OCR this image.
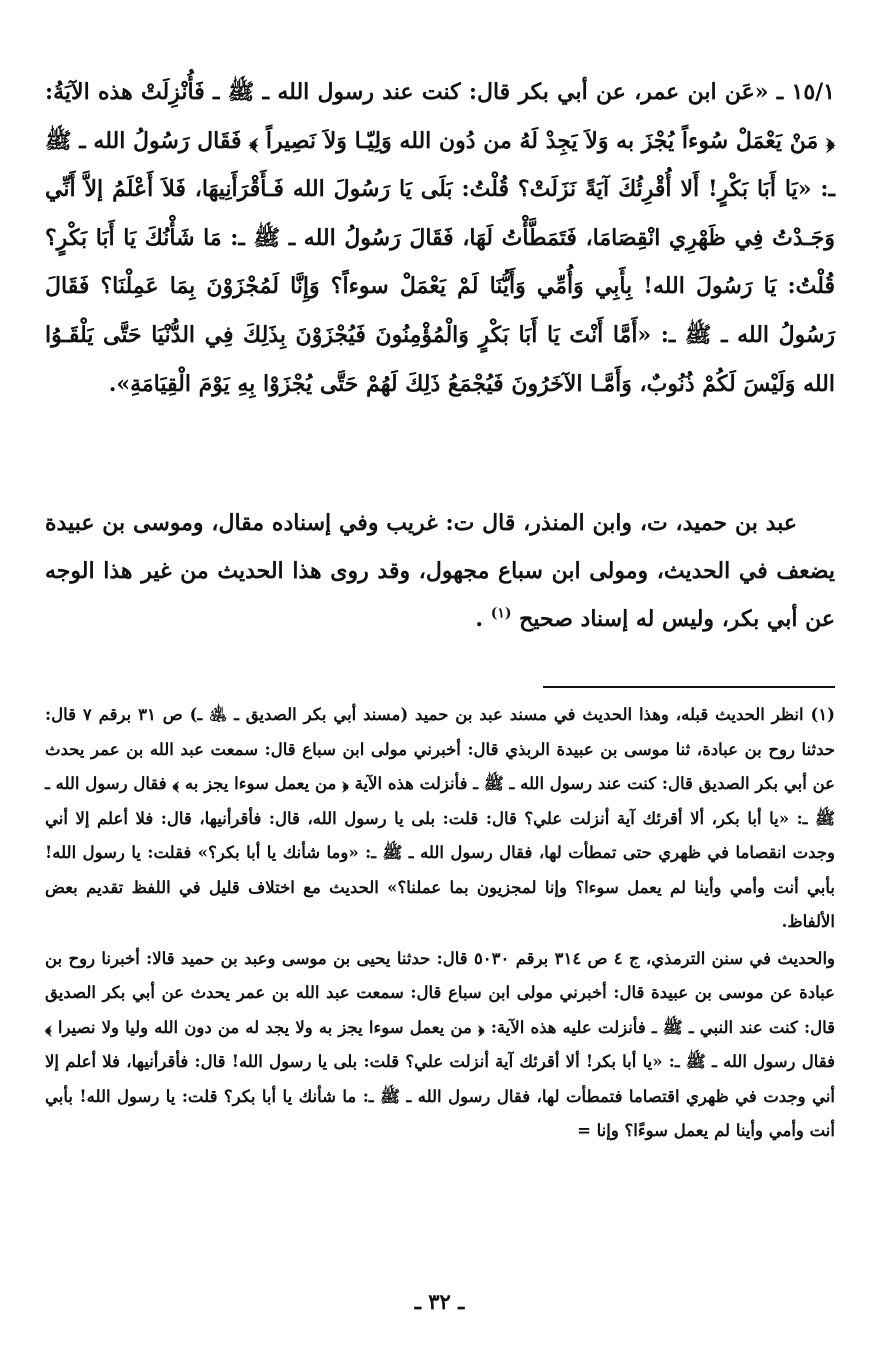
١٥/١ ـ «عَن ابن عمر، عن أبي بكر قال: كنت عند رسول الله ـ ﷺ ـ فَأُنْزِلَتْ هذه الآيَةُ: ﴿ مَنْ يَعْمَلْ سُوءاً يُجْزَ به وَلاَ يَجِدْ لَهُ من دُون الله وَلِيّـا وَلاَ نَصِيراً ﴾ فَقَال رَسُولُ الله ـ ﷺ ـ: «يَا أَبَا بَكْرٍ! أَلا أُقْرِئُكَ آيَةً نَزَلَتْ؟ قُلْتُ: بَلَى يَا رَسُولَ الله فَـأَقْرَأَنِيهَا، فَلاَ أَعْلَمُ إلاَّ أَنِّي وَجَـدْتُ فِي ظَهْرِي انْقِصَامَا، فَتَمَطَّأْتُ لَهَا، فَقَالَ رَسُولُ الله ـ ﷺ ـ: مَا شَأْنُكَ يَا أَبَا بَكْرٍ؟ قُلْتُ: يَا رَسُولَ الله! بِأَبِي وَأُمِّي وَأَيُّنَا لَمْ يَعْمَلْ سوءاً؟ وَإِنَّا لَمُجْزَوْنَ بِمَا عَمِلْنَا؟ فَقَالَ رَسُولُ الله ـ ﷺ ـ: «أَمَّا أَنْتَ يَا أَبَا بَكْرٍ وَالْمُؤْمِنُونَ فَيُجْزَوْنَ بِذَلِكَ فِي الدُّنْيَا حَتَّى يَلْقَـوُا الله وَلَيْسَ لَكُمْ ذُنُوبٌ، وَأَمَّـا الآخَرُونَ فَيُجْمَعُ ذَلِكَ لَهُمْ حَتَّى يُجْزَوْا بِهِ يَوْمَ الْقِيَامَةِ».

عبد بن حميد، ت، وابن المنذر، قال ت: غريب وفي إسناده مقال، وموسى بن عبيدة يضعف في الحديث، ومولى ابن سباع مجهول، وقد روى هذا الحديث من غير هذا الوجه عن أبي بكر، وليس له إسناد صحيح $^{(١)}$ .

(١) انظر الحديث قبله، وهذا الحديث في مسند عبد بن حميد (مسند أبي بكر الصديق ـ ﵁ ـ) ص ٣١ برقم ٧ قال: حدثنا روح بن عبادة، ثنا موسى بن عبيدة الربذي قال: أخبرني مولى ابن سباع قال: سمعت عبد الله بن عمر يحدث عن أبي بكر الصديق قال: كنت عند رسول الله ـ ﷺ ـ فأنزلت هذه الآية ﴿ من يعمل سوءا يجز به ﴾ فقال رسول الله ـ ﷺ ـ: «يا أبا بكر، ألا أقرئك آية أنزلت علي؟ قال: قلت: بلى يا رسول الله، قال: فأقرأنيها، قال: فلا أعلم إلا أني وجدت انقصاما في ظهري حتى تمطأت لها، فقال رسول الله ـ ﷺ ـ: «وما شأنك يا أبا بكر؟» فقلت: يا رسول الله! بأبي أنت وأمي وأينا لم يعمل سوءا؟ وإنا لمجزيون بما عملنا؟» الحديث مع اختلاف قليل في اللفظ تقديم بعض الألفاظ.

والحديث في سنن الترمذي، ج ٤ ص ٣١٤ برقم ٥٠٣٠ قال: حدثنا يحيى بن موسى وعبد بن حميد قالا: أخبرنا روح بن عبادة عن موسى بن عبيدة قال: أخبرني مولى ابن سباع قال: سمعت عبد الله بن عمر يحدث عن أبي بكر الصديق قال: كنت عند النبي ـ ﷺ ـ فأنزلت عليه هذه الآية: ﴿ من يعمل سوءا يجز به ولا يجد له من دون الله وليا ولا نصيرا ﴾ فقال رسول الله ـ ﷺ ـ: «يا أبا بكر! ألا أقرئك آية أنزلت علي؟ قلت: بلى يا رسول الله! قال: فأقرأنيها، فلا أعلم إلا أني وجدت في ظهري اقتصاما فتمطأت لها، فقال رسول الله ـ ﷺ ـ: ما شأنك يا أبا بكر؟ قلت: يا رسول الله! بأبي أنت وأمي وأينا لم يعمل سوءًا؟ وإنا =

ـ ٣٢ ـ
